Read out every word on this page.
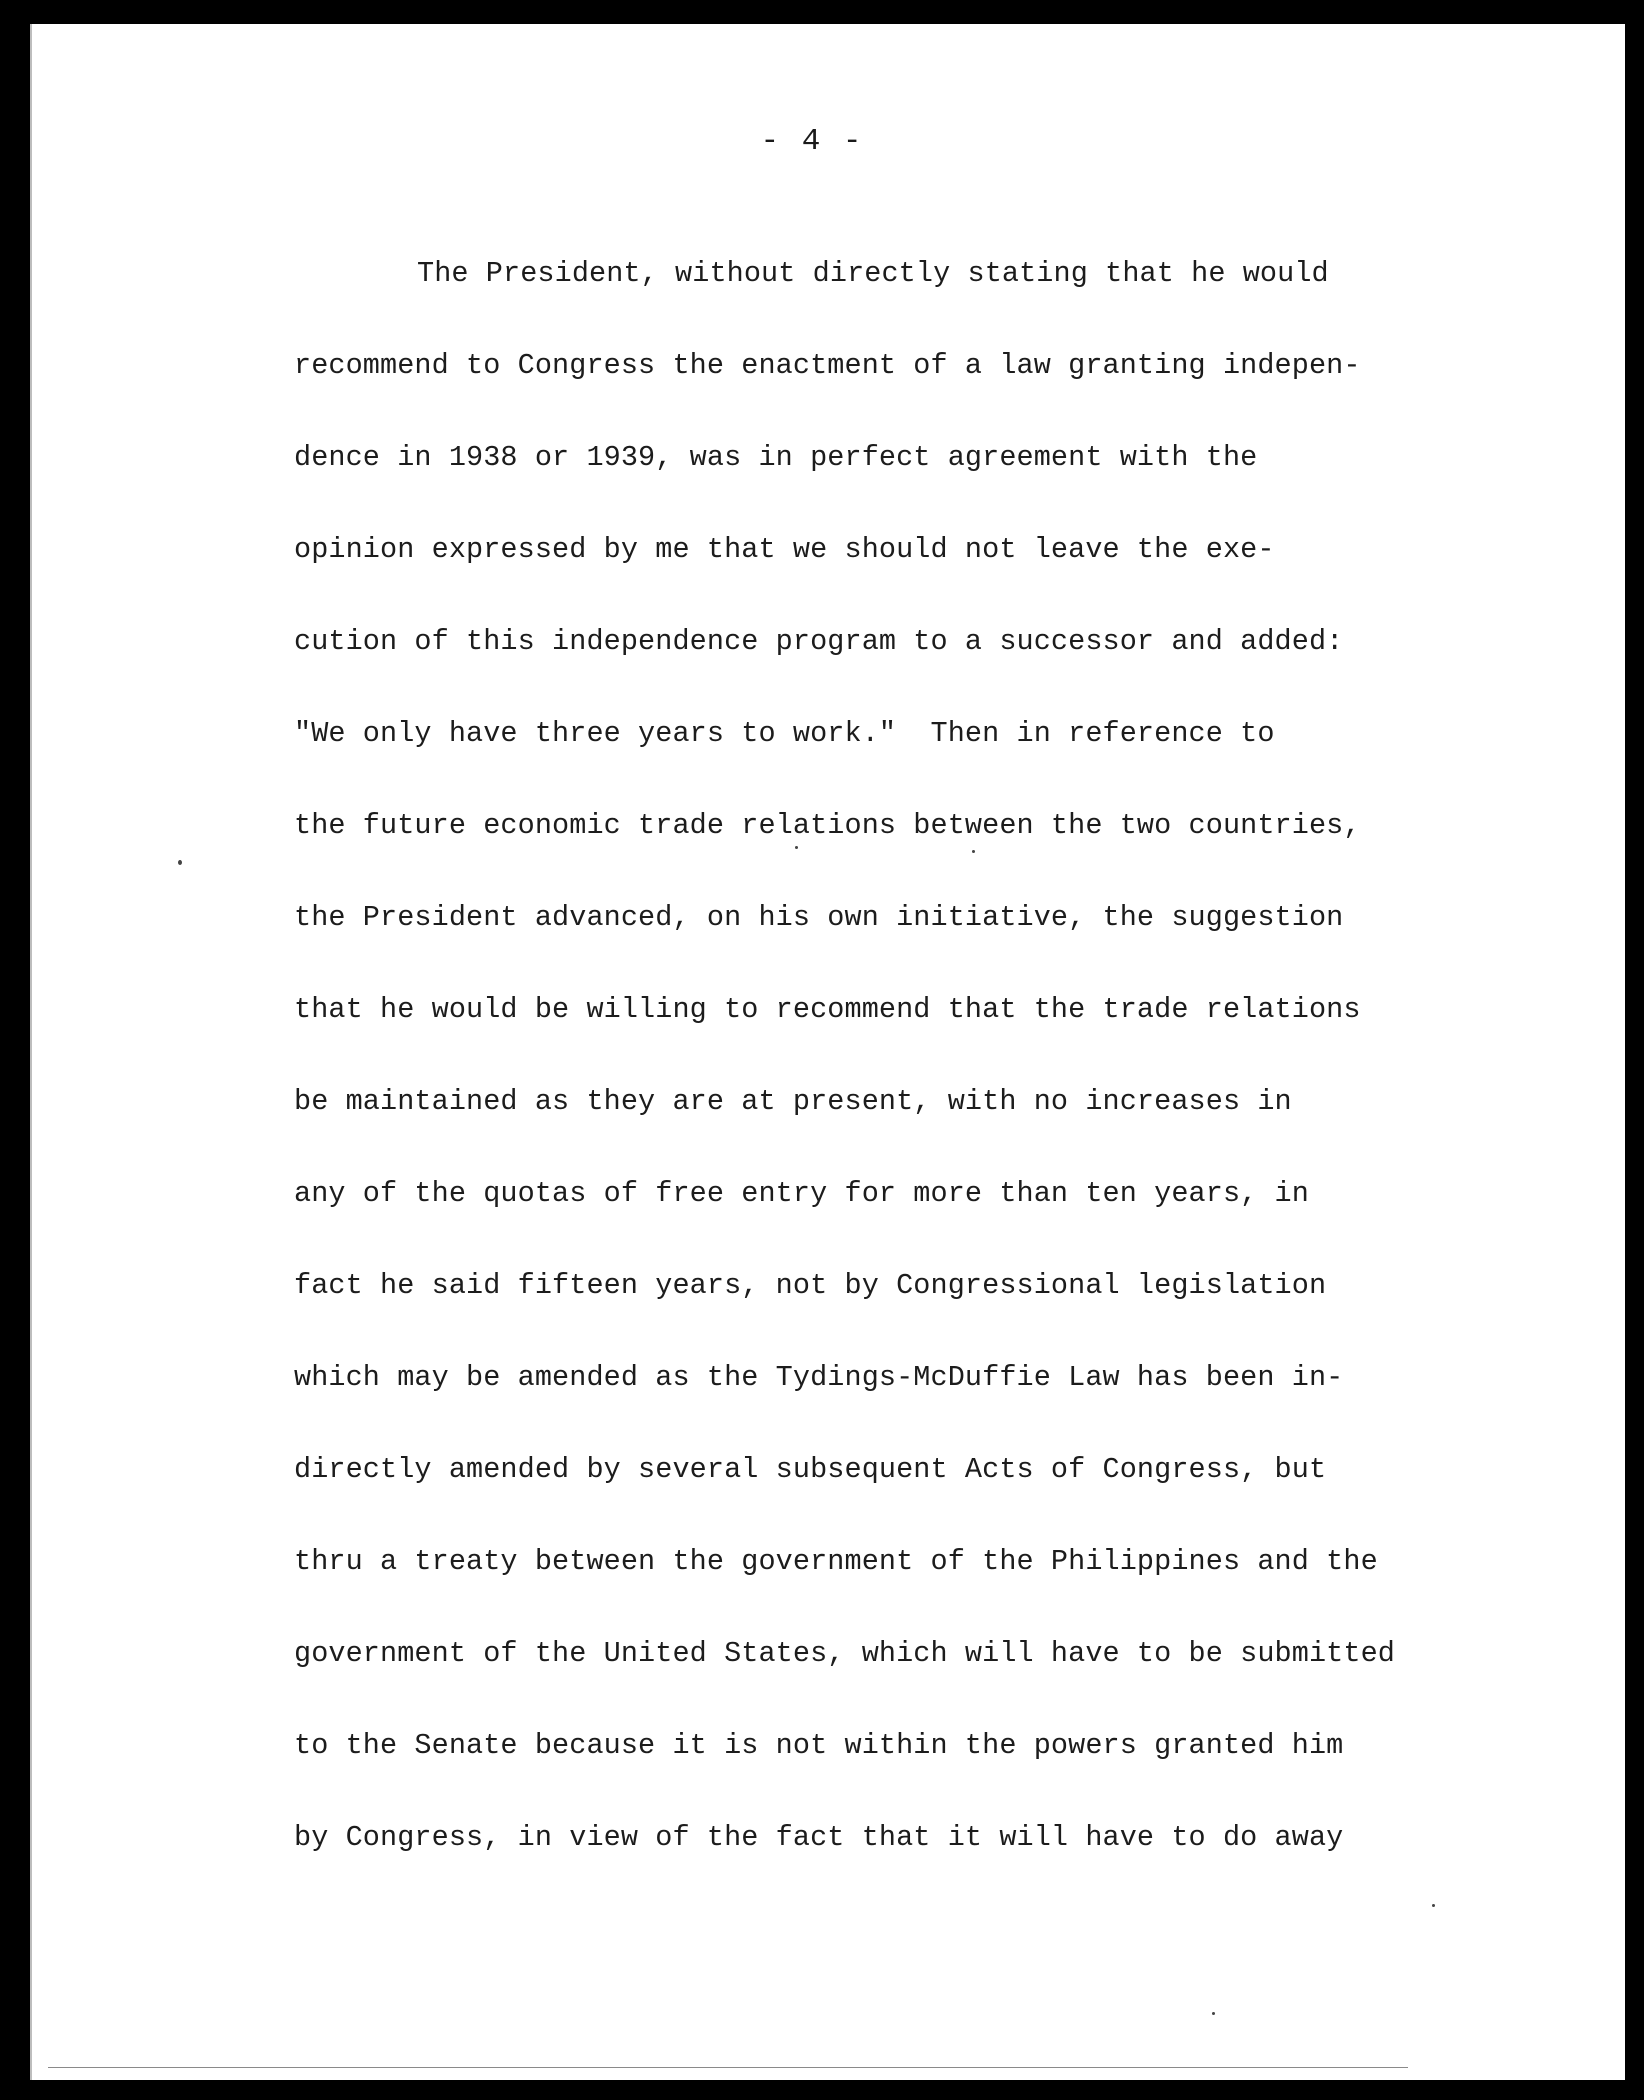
- 4 -
The President, without directly stating that he would
recommend to Congress the enactment of a law granting indepen-
dence in 1938 or 1939, was in perfect agreement with the
opinion expressed by me that we should not leave the exe-
cution of this independence program to a successor and added:
"We only have three years to work."  Then in reference to
the future economic trade relations between the two countries,
the President advanced, on his own initiative, the suggestion
that he would be willing to recommend that the trade relations
be maintained as they are at present, with no increases in
any of the quotas of free entry for more than ten years, in
fact he said fifteen years, not by Congressional legislation
which may be amended as the Tydings-McDuffie Law has been in-
directly amended by several subsequent Acts of Congress, but
thru a treaty between the government of the Philippines and the
government of the United States, which will have to be submitted
to the Senate because it is not within the powers granted him
by Congress, in view of the fact that it will have to do away
